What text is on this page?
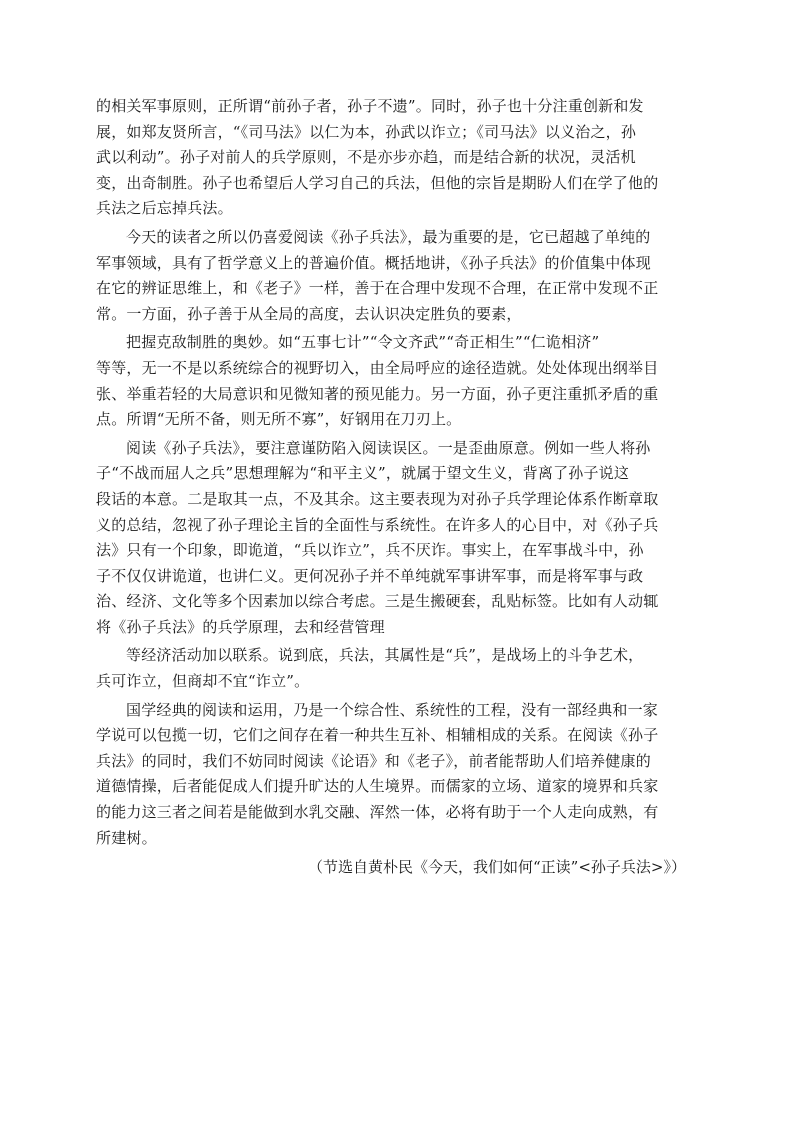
的相关军事原则，正所谓“前孙子者，孙子不遗”。同时，孙子也十分注重创新和发
展，如郑友贤所言，“《司马法》以仁为本，孙武以诈立；《司马法》以义治之，孙
武以利动”。孙子对前人的兵学原则，不是亦步亦趋，而是结合新的状况，灵活机
变，出奇制胜。孙子也希望后人学习自己的兵法，但他的宗旨是期盼人们在学了他的
兵法之后忘掉兵法。

今天的读者之所以仍喜爱阅读《孙子兵法》，最为重要的是，它已超越了单纯的
军事领域，具有了哲学意义上的普遍价值。概括地讲，《孙子兵法》的价值集中体现
在它的辨证思维上，和《老子》一样，善于在合理中发现不合理，在正常中发现不正
常。一方面，孙子善于从全局的高度，去认识决定胜负的要素，

把握克敌制胜的奥妙。如“五事七计”“令文齐武”“奇正相生”“仁诡相济”
等等，无一不是以系统综合的视野切入，由全局呼应的途径造就。处处体现出纲举目
张、举重若轻的大局意识和见微知著的预见能力。另一方面，孙子更注重抓矛盾的重
点。所谓“无所不备，则无所不寡”，好钢用在刀刃上。

阅读《孙子兵法》，要注意谨防陷入阅读误区。一是歪曲原意。例如一些人将孙
子“不战而屈人之兵”思想理解为“和平主义”，就属于望文生义，背离了孙子说这
段话的本意。二是取其一点，不及其余。这主要表现为对孙子兵学理论体系作断章取
义的总结，忽视了孙子理论主旨的全面性与系统性。在许多人的心目中，对《孙子兵
法》只有一个印象，即诡道，“兵以诈立”，兵不厌诈。事实上，在军事战斗中，孙
子不仅仅讲诡道，也讲仁义。更何况孙子并不单纯就军事讲军事，而是将军事与政
治、经济、文化等多个因素加以综合考虑。三是生搬硬套，乱贴标签。比如有人动辄
将《孙子兵法》的兵学原理，去和经营管理

等经济活动加以联系。说到底，兵法，其属性是“兵”，是战场上的斗争艺术，
兵可诈立，但商却不宜“诈立”。

国学经典的阅读和运用，乃是一个综合性、系统性的工程，没有一部经典和一家
学说可以包揽一切，它们之间存在着一种共生互补、相辅相成的关系。在阅读《孙子
兵法》的同时，我们不妨同时阅读《论语》和《老子》，前者能帮助人们培养健康的
道德情操，后者能促成人们提升旷达的人生境界。而儒家的立场、道家的境界和兵家
的能力这三者之间若是能做到水乳交融、浑然一体，必将有助于一个人走向成熟，有
所建树。

（节选自黄朴民《今天，我们如何“正读”<孙子兵法>》）
